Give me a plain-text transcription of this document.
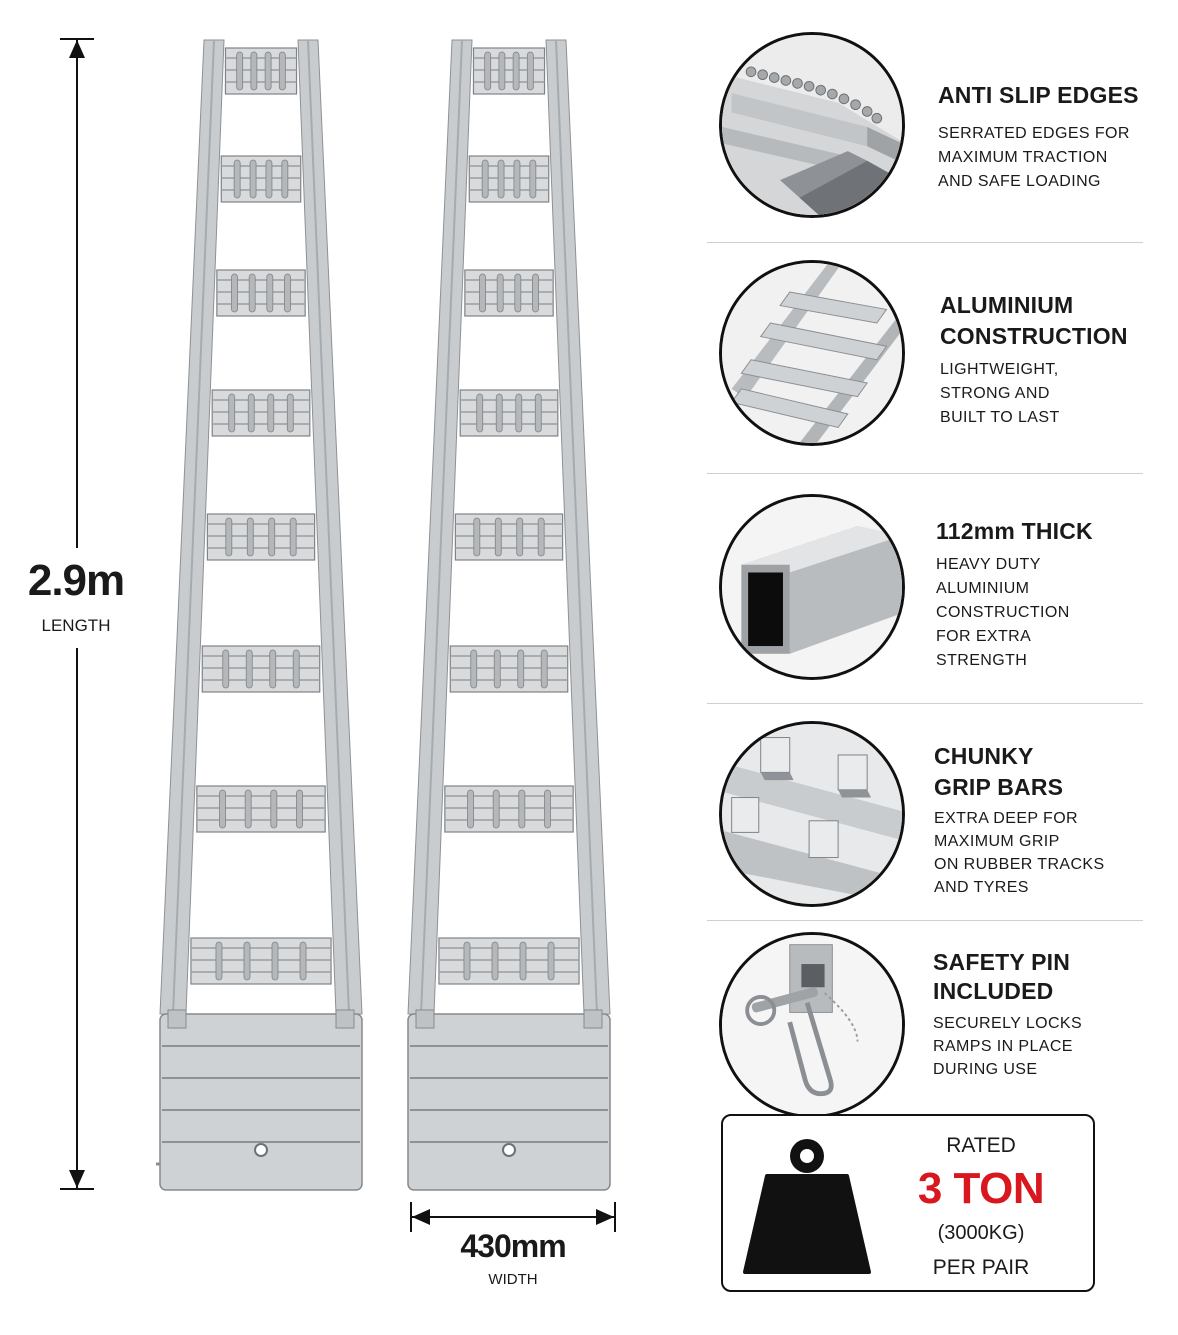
2.9m
LENGTH
430mm
WIDTH
ANTI SLIP EDGES
SERRATED EDGES FOR
MAXIMUM TRACTION
AND SAFE LOADING
ALUMINIUM
CONSTRUCTION
LIGHTWEIGHT,
STRONG AND
BUILT TO LAST
112mm THICK
HEAVY DUTY
ALUMINIUM
CONSTRUCTION
FOR EXTRA
STRENGTH
CHUNKY
GRIP BARS
EXTRA DEEP FOR
MAXIMUM GRIP
ON RUBBER TRACKS
AND TYRES
SAFETY PIN
INCLUDED
SECURELY LOCKS
RAMPS IN PLACE
DURING USE
RATED
3 TON
(3000KG)
PER PAIR
